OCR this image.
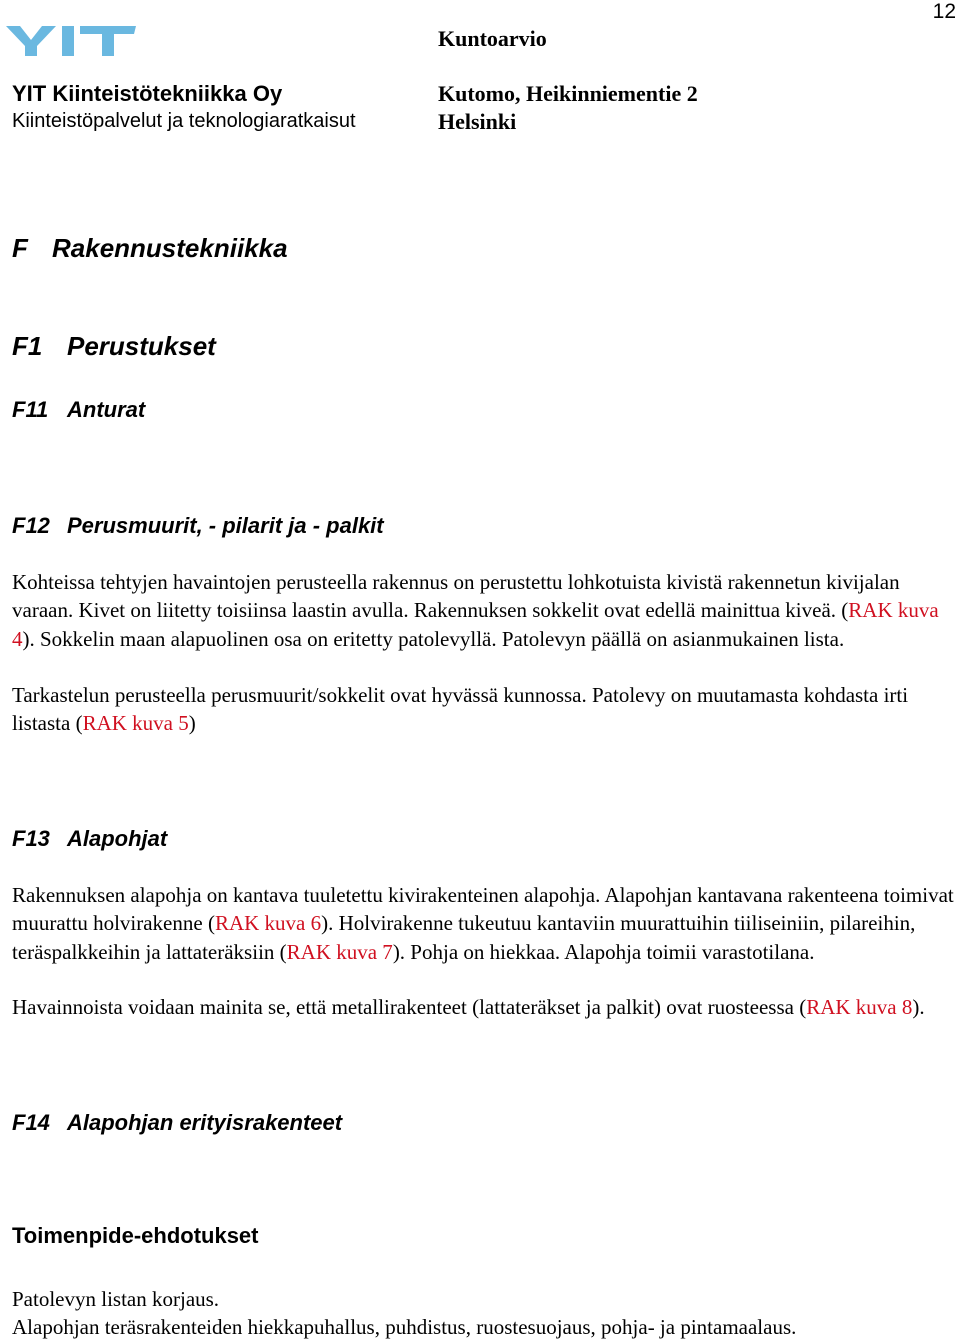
12
YIT Kiinteistötekniikka Oy
Kiinteistöpalvelut ja teknologiaratkaisut
Kuntoarvio
Kutomo, Heikinniementie 2
Helsinki
F Rakennustekniikka
F1 Perustukset
F11 Anturat
F12 Perusmuurit, - pilarit ja - palkit
Kohteissa tehtyjen havaintojen perusteella rakennus on perustettu lohkotuista kivistä rakennetun kivijalan varaan. Kivet on liitetty toisiinsa laastin avulla. Rakennuksen sokkelit ovat edellä mainittua kiveä. (RAK kuva 4). Sokkelin maan alapuolinen osa on eritetty patolevyllä. Patolevyn päällä on asianmukainen lista.
Tarkastelun perusteella perusmuurit/sokkelit ovat hyvässä kunnossa. Patolevy on muutamasta kohdasta irti listasta (RAK kuva 5)
F13 Alapohjat
Rakennuksen alapohja on kantava tuuletettu kivirakenteinen alapohja. Alapohjan kantavana rakenteena toimivat muurattu holvirakenne (RAK kuva 6). Holvirakenne tukeutuu kantaviin muurattuihin tiiliseiniin, pilareihin, teräspalkkeihin ja lattateräksiin (RAK kuva 7). Pohja on hiekkaa. Alapohja toimii varastotilana.
Havainnoista voidaan mainita se, että metallirakenteet (lattateräkset ja palkit) ovat ruosteessa (RAK kuva 8).
F14 Alapohjan erityisrakenteet
Toimenpide-ehdotukset
Patolevyn listan korjaus.
Alapohjan teräsrakenteiden hiekkapuhallus, puhdistus, ruostesuojaus, pohja- ja pintamaalaus.
